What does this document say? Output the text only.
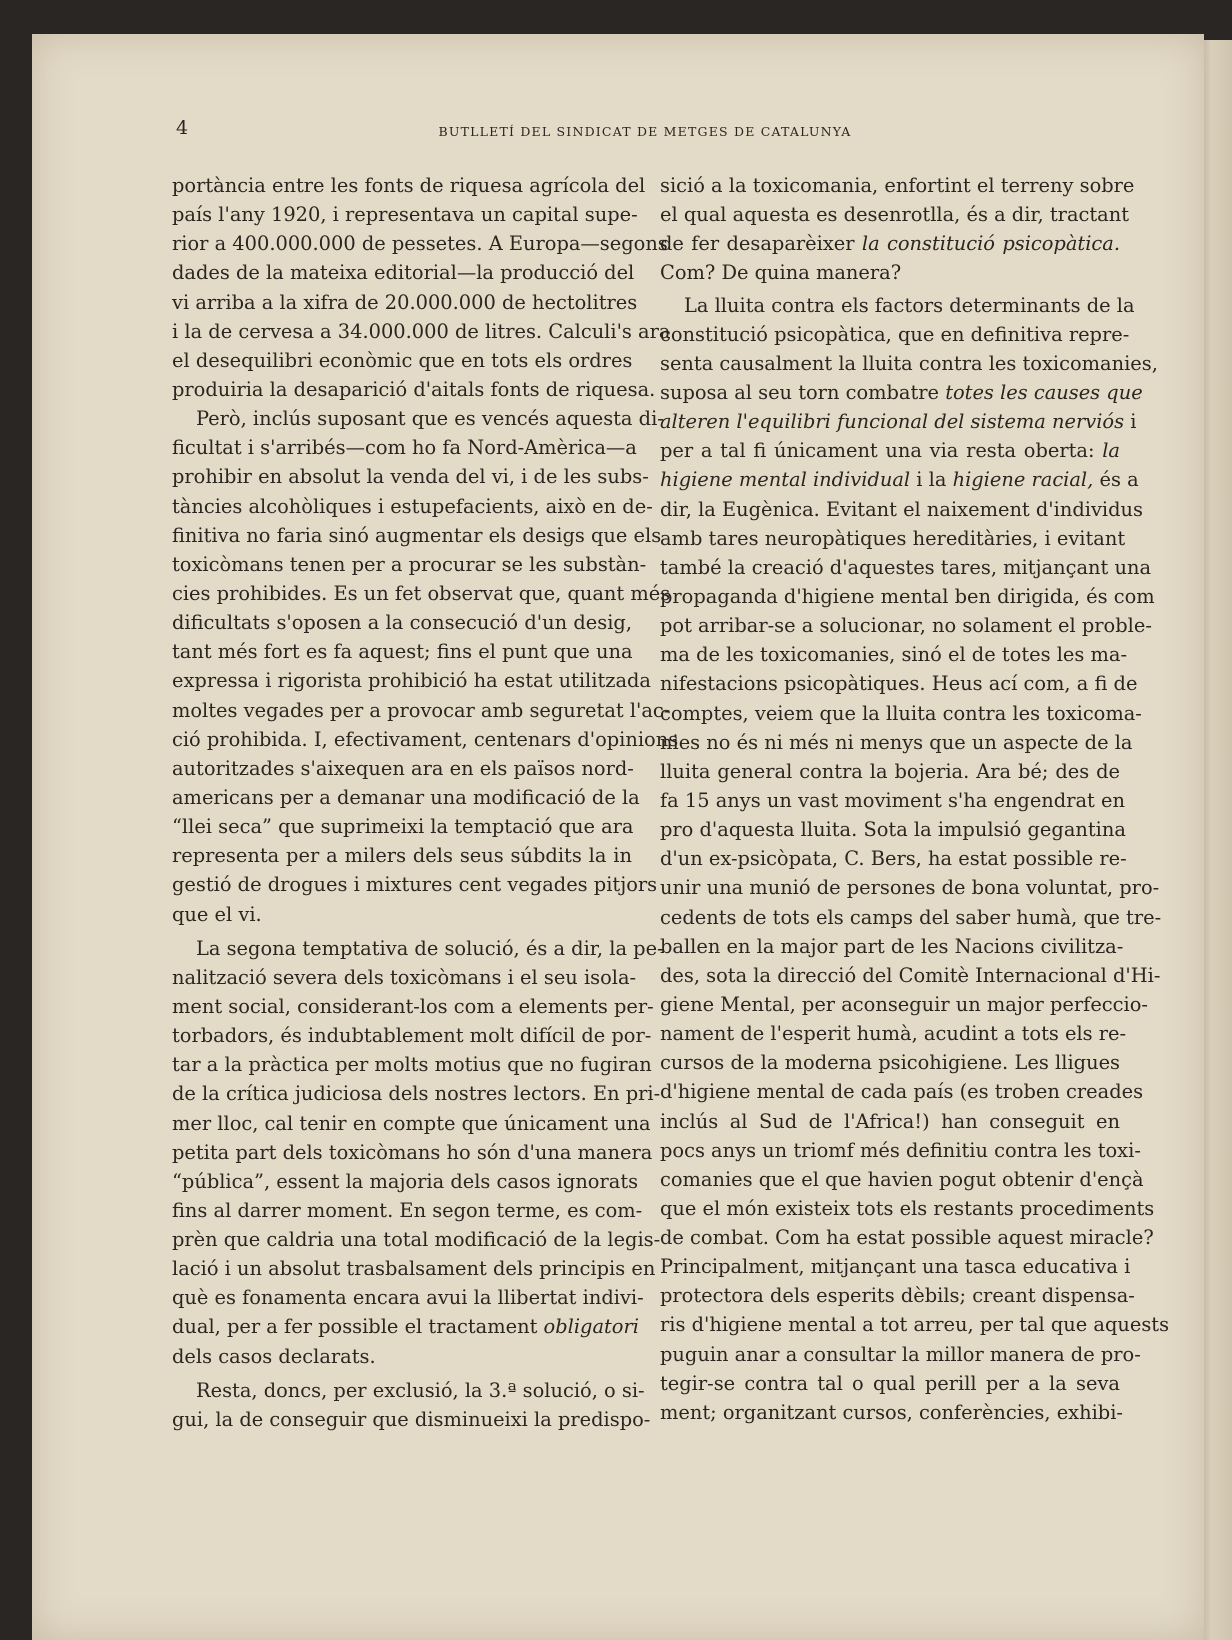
4	BUTLLETÍ DEL SINDICAT DE METGES DE CATALUNYA
portància entre les fonts de riquesa agrícola del
país l'any 1920, i representava un capital supe-
rior a 400.000.000 de pessetes. A Europa—segons
dades de la mateixa editorial—la producció del
vi arriba a la xifra de 20.000.000 de hectolitres
i la de cervesa a 34.000.000 de litres. Calculi's ara
el desequilibri econòmic que en tots els ordres
produiria la desaparició d'aitals fonts de riquesa.
Però, inclús suposant que es vencés aquesta di-
ficultat i s'arribés—com ho fa Nord-Amèrica—a
prohibir en absolut la venda del vi, i de les subs-
tàncies alcohòliques i estupefacients, això en de-
finitiva no faria sinó augmentar els desigs que els
toxicòmans tenen per a procurar se les substàn-
cies prohibides. Es un fet observat que, quant més
dificultats s'oposen a la consecució d'un desig,
tant més fort es fa aquest; fins el punt que una
expressa i rigorista prohibició ha estat utilitzada
moltes vegades per a provocar amb seguretat l'ac-
ció prohibida. I, efectivament, centenars d'opinions
autoritzades s'aixequen ara en els països nord-
americans per a demanar una modificació de la
“llei seca” que suprimeixi la temptació que ara
representa per a milers dels seus súbdits la in
gestió de drogues i mixtures cent vegades pitjors
que el vi.
La segona temptativa de solució, és a dir, la pe-
nalització severa dels toxicòmans i el seu isola-
ment social, considerant-los com a elements per-
torbadors, és indubtablement molt difícil de por-
tar a la pràctica per molts motius que no fugiran
de la crítica judiciosa dels nostres lectors. En pri-
mer lloc, cal tenir en compte que únicament una
petita part dels toxicòmans ho són d'una manera
“pública”, essent la majoria dels casos ignorats
fins al darrer moment. En segon terme, es com-
prèn que caldria una total modificació de la legis-
lació i un absolut trasbalsament dels principis en
què es fonamenta encara avui la llibertat indivi-
dual, per a fer possible el tractament obligatori
dels casos declarats.
Resta, doncs, per exclusió, la 3.ª solució, o si-
gui, la de conseguir que disminueixi la predispo-
sició a la toxicomania, enfortint el terreny sobre
el qual aquesta es desenrotlla, és a dir, tractant
de fer desaparèixer la constitució psicopàtica.
Com? De quina manera?
La lluita contra els factors determinants de la
constitució psicopàtica, que en definitiva repre-
senta causalment la lluita contra les toxicomanies,
suposa al seu torn combatre totes les causes que
alteren l'equilibri funcional del sistema nerviós i
per a tal fi únicament una via resta oberta: la
higiene mental individual i la higiene racial, és a
dir, la Eugènica. Evitant el naixement d'individus
amb tares neuropàtiques hereditàries, i evitant
també la creació d'aquestes tares, mitjançant una
propaganda d'higiene mental ben dirigida, és com
pot arribar-se a solucionar, no solament el proble-
ma de les toxicomanies, sinó el de totes les ma-
nifestacions psicopàtiques. Heus ací com, a fi de
comptes, veiem que la lluita contra les toxicoma-
nies no és ni més ni menys que un aspecte de la
lluita general contra la bojeria. Ara bé; des de
fa 15 anys un vast moviment s'ha engendrat en
pro d'aquesta lluita. Sota la impulsió gegantina
d'un ex-psicòpata, C. Bers, ha estat possible re-
unir una munió de persones de bona voluntat, pro-
cedents de tots els camps del saber humà, que tre-
ballen en la major part de les Nacions civilitza-
des, sota la direcció del Comitè Internacional d'Hi-
giene Mental, per aconseguir un major perfeccio-
nament de l'esperit humà, acudint a tots els re-
cursos de la moderna psicohigiene. Les lligues
d'higiene mental de cada país (es troben creades
inclús al Sud de l'Africa!) han conseguit en
pocs anys un triomf més definitiu contra les toxi-
comanies que el que havien pogut obtenir d'ençà
que el món existeix tots els restants procediments
de combat. Com ha estat possible aquest miracle?
Principalment, mitjançant una tasca educativa i
protectora dels esperits dèbils; creant dispensa-
ris d'higiene mental a tot arreu, per tal que aquests
puguin anar a consultar la millor manera de pro-
tegir-se contra tal o qual perill per a la seva
ment; organitzant cursos, conferències, exhibi-
